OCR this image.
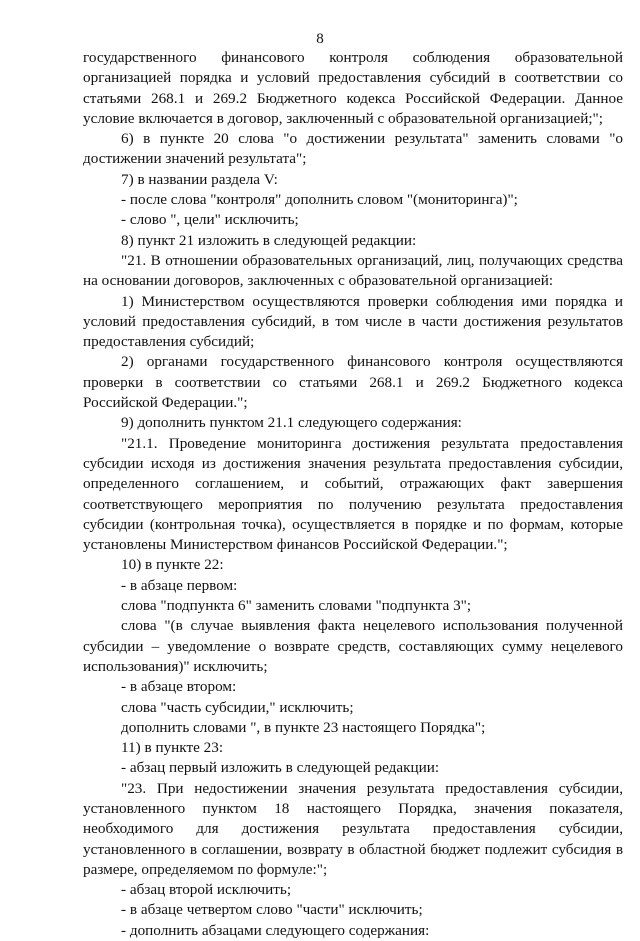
8

государственного финансового контроля соблюдения образовательной организацией порядка и условий предоставления субсидий в соответствии со статьями 268.1 и 269.2 Бюджетного кодекса Российской Федерации. Данное условие включается в договор, заключенный с образовательной организацией;";

6) в пункте 20 слова "о достижении результата" заменить словами "о достижении значений результата";

7) в названии раздела V:

- после слова "контроля" дополнить словом "(мониторинга)";

- слово ", цели" исключить;

8) пункт 21 изложить в следующей редакции:

"21. В отношении образовательных организаций, лиц, получающих средства на основании договоров, заключенных с образовательной организацией:

1) Министерством осуществляются проверки соблюдения ими порядка и условий предоставления субсидий, в том числе в части достижения результатов предоставления субсидий;

2) органами государственного финансового контроля осуществляются проверки в соответствии со статьями 268.1 и 269.2 Бюджетного кодекса Российской Федерации.";

9) дополнить пунктом 21.1 следующего содержания:

"21.1. Проведение мониторинга достижения результата предоставления субсидии исходя из достижения значения результата предоставления субсидии, определенного соглашением, и событий, отражающих факт завершения соответствующего мероприятия по получению результата предоставления субсидии (контрольная точка), осуществляется в порядке и по формам, которые установлены Министерством финансов Российской Федерации.";

10) в пункте 22:

- в абзаце первом:

слова "подпункта 6" заменить словами "подпункта 3";

слова "(в случае выявления факта нецелевого использования полученной субсидии – уведомление о возврате средств, составляющих сумму нецелевого использования)" исключить;

- в абзаце втором:

слова "часть субсидии," исключить;

дополнить словами ", в пункте 23 настоящего Порядка";

11) в пункте 23:

- абзац первый изложить в следующей редакции:

"23. При недостижении значения результата предоставления субсидии, установленного пунктом 18 настоящего Порядка, значения показателя, необходимого для достижения результата предоставления субсидии, установленного в соглашении, возврату в областной бюджет подлежит субсидия в размере, определяемом по формуле:";

- абзац второй исключить;

- в абзаце четвертом слово "части" исключить;

- дополнить абзацами следующего содержания:
